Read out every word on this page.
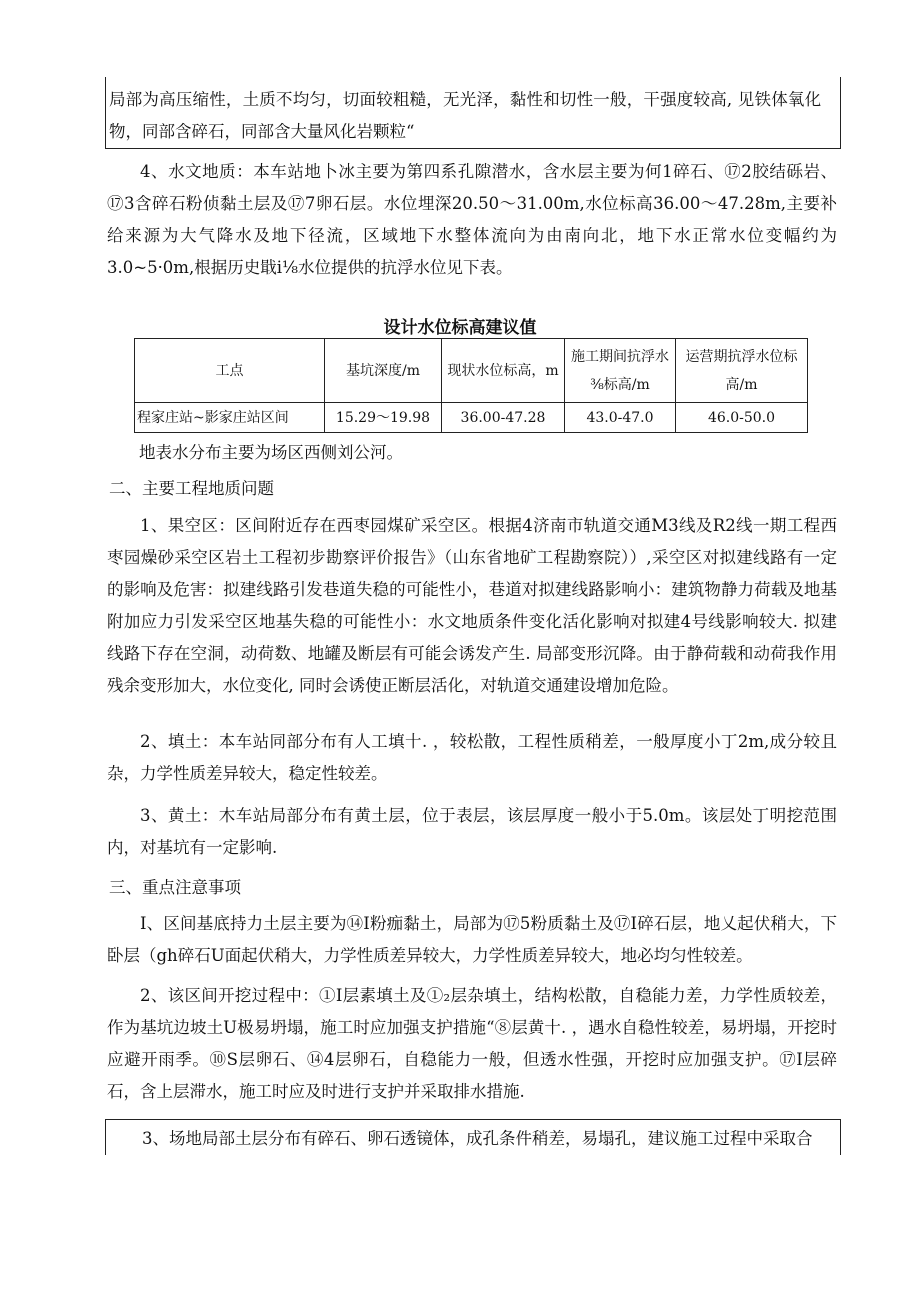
局部为高压缩性，土质不均匀，切面较粗糙，无光泽，黏性和切性一般，干强度较高, 见铁体氧化

物，同部含碎石，同部含大量风化岩颗粒“

4、水文地质：本车站地卜冰主要为第四系孔隙潜水，含水层主要为何1碎石、⑰2胶结砾岩、⑰3含碎石粉侦黏土层及⑰7卵石层。水位埋深20.50～31.00m,水位标高36.00～47.28m,主要补给来源为大气降水及地下径流，区域地下水整体流向为由南向北，地下水正常水位变幅约为3.0~5·0m,根据历史戢i⅛水位提供的抗浮水位见下表。

设计水位标高建议值
工点	基坑深度/m	现状水位标高，m	施工期间抗浮水⅜标高/m	运营期抗浮水位标高/m
程家庄站~影家庄站区间	15.29～19.98	36.00-47.28	43.0-47.0	46.0-50.0

地表水分布主要为场区西侧刘公河。

二、主要工程地质问题

1、果空区：区间附近存在西枣园煤矿采空区。根据4济南市轨道交通M3线及R2线一期工程西枣园燥砂采空区岩土工程初步勘察评价报告》（山东省地矿工程勘察院））,采空区对拟建线路有一定的影响及危害：拟建线路引发巷道失稳的可能性小，巷道对拟建线路影响小：建筑物静力荷载及地基附加应力引发采空区地基失稳的可能性小：水文地质条件变化活化影响对拟建4号线影响较大. 拟建线路下存在空洞，动荷数、地罐及断层有可能会诱发产生. 局部变形沉降。由于静荷载和动荷我作用残余变形加大，水位变化, 同时会诱使正断层活化，对轨道交通建设增加危险。

2、填土：本车站同部分布有人工填十. ，较松散，工程性质稍差，一般厚度小丁2m,成分较且杂，力学性质差异较大，稳定性较差。

3、黄土：木车站局部分布有黄土层，位于表层，该层厚度一般小于5.0m。该层处丁明挖范围内，对基坑有一定影响.

三、重点注意事项

I、区间基底持力土层主要为⑭I粉痂黏土，局部为⑰5粉质黏土及⑰I碎石层，地乂起伏稍大，下卧层（gh碎石U面起伏稍大，力学性质差异较大，力学性质差异较大，地必均匀性较差。

2、该区间开挖过程中：①I层素填土及①₂层杂填土，结构松散，自稳能力差，力学性质较差，作为基坑边坡土U极易坍塌，施工时应加强支护措施“⑧层黄十. ，遇水自稳性较差，易坍塌，开挖时应避开雨季。⑩S层卵石、⑭4层卵石，自稳能力一般，但透水性强，开挖时应加强支护。⑰I层碎石，含上层滞水，施工时应及时进行支护并采取排水措施.

3、场地局部土层分布有碎石、卵石透镜体，成孔条件稍差，易塌孔，建议施工过程中采取合
